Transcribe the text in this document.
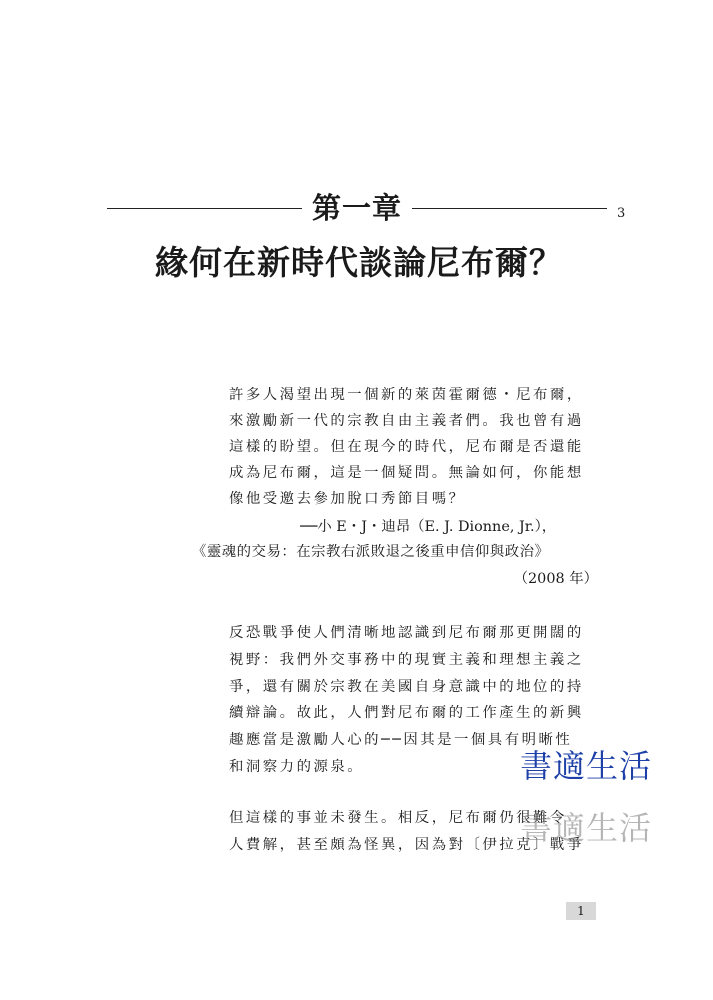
第一章	3
緣何在新時代談論尼布爾？
許多人渴望出現一個新的萊茵霍爾德・尼布爾，
來激勵新一代的宗教自由主義者們。我也曾有過
這樣的盼望。但在現今的時代，尼布爾是否還能
成為尼布爾，這是一個疑問。無論如何，你能想
像他受邀去參加脫口秀節目嗎？
──小 E・J・迪昂（E. J. Dionne, Jr.），
《靈魂的交易：在宗教右派敗退之後重申信仰與政治》
（2008 年）
反恐戰爭使人們清晰地認識到尼布爾那更開闊的
視野：我們外交事務中的現實主義和理想主義之
爭，還有關於宗教在美國自身意識中的地位的持
續辯論。故此，人們對尼布爾的工作產生的新興
趣應當是激勵人心的──因其是一個具有明晰性
和洞察力的源泉。
但這樣的事並未發生。相反，尼布爾仍很難令
人費解，甚至頗為怪異，因為對〔伊拉克〕戰爭
書適生活
書適生活
1
